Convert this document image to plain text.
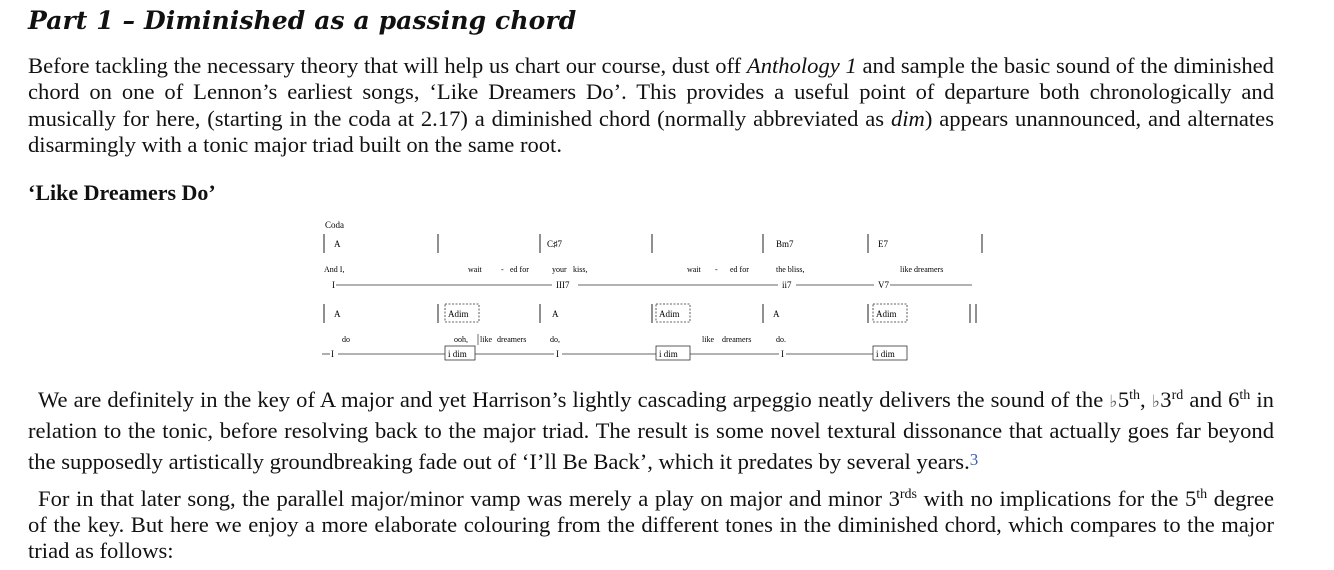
Part 1 – Diminished as a passing chord

Before tackling the necessary theory that will help us chart our course, dust off Anthology 1 and sample the basic sound of the diminished chord on one of Lennon’s earliest songs, ‘Like Dreamers Do’. This provides a useful point of departure both chronologically and musically for here, (starting in the coda at 2.17) a diminished chord (normally abbreviated as dim) appears unannounced, and alternates disarmingly with a tonic major triad built on the same root.

‘Like Dreamers Do’
Coda
A	C♯7	Bm7	E7
And I,	wait - ed for	your kiss,	wait - ed for	the bliss,	like dreamers
I	III7	ii7	V7
A	Adim	A	Adim	A	Adim
do	ooh, like dreamers	do,	like dreamers	do.
I	i dim	I	i dim	I	i dim

We are definitely in the key of A major and yet Harrison’s lightly cascading arpeggio neatly delivers the sound of the ♭5th, ♭3rd and 6th in relation to the tonic, before resolving back to the major triad. The result is some novel textural dissonance that actually goes far beyond the supposedly artistically groundbreaking fade out of ‘I’ll Be Back’, which it predates by several years.3

For in that later song, the parallel major/minor vamp was merely a play on major and minor $3^{rds}$ with no implications for the 5th degree of the key. But here we enjoy a more elaborate colouring from the different tones in the diminished chord, which compares to the major triad as follows:
